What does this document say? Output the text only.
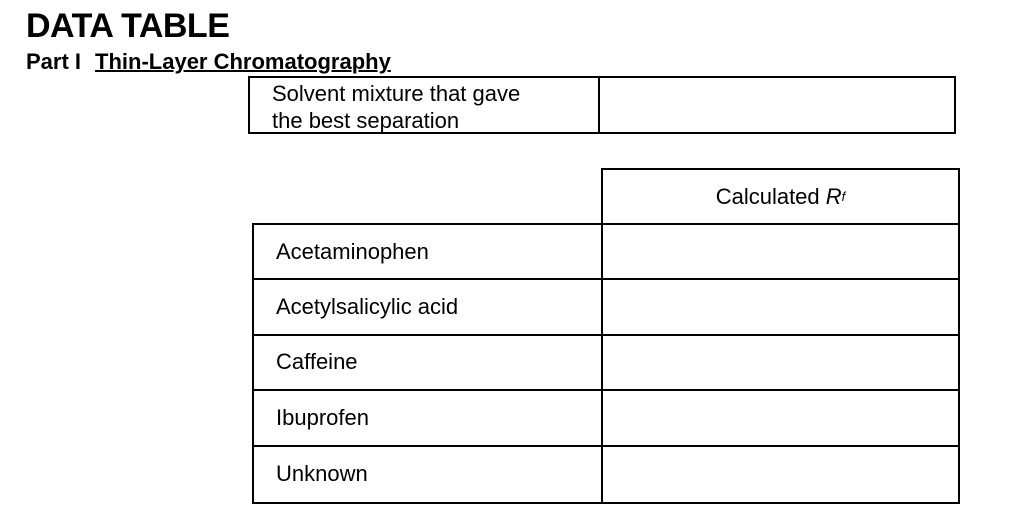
DATA TABLE
Part I Thin-Layer Chromatography
Solvent mixture that gave
the best separation
Calculated
R f
Acetaminophen
Acetylsalicylic acid
Caffeine
Ibuprofen
Unknown
